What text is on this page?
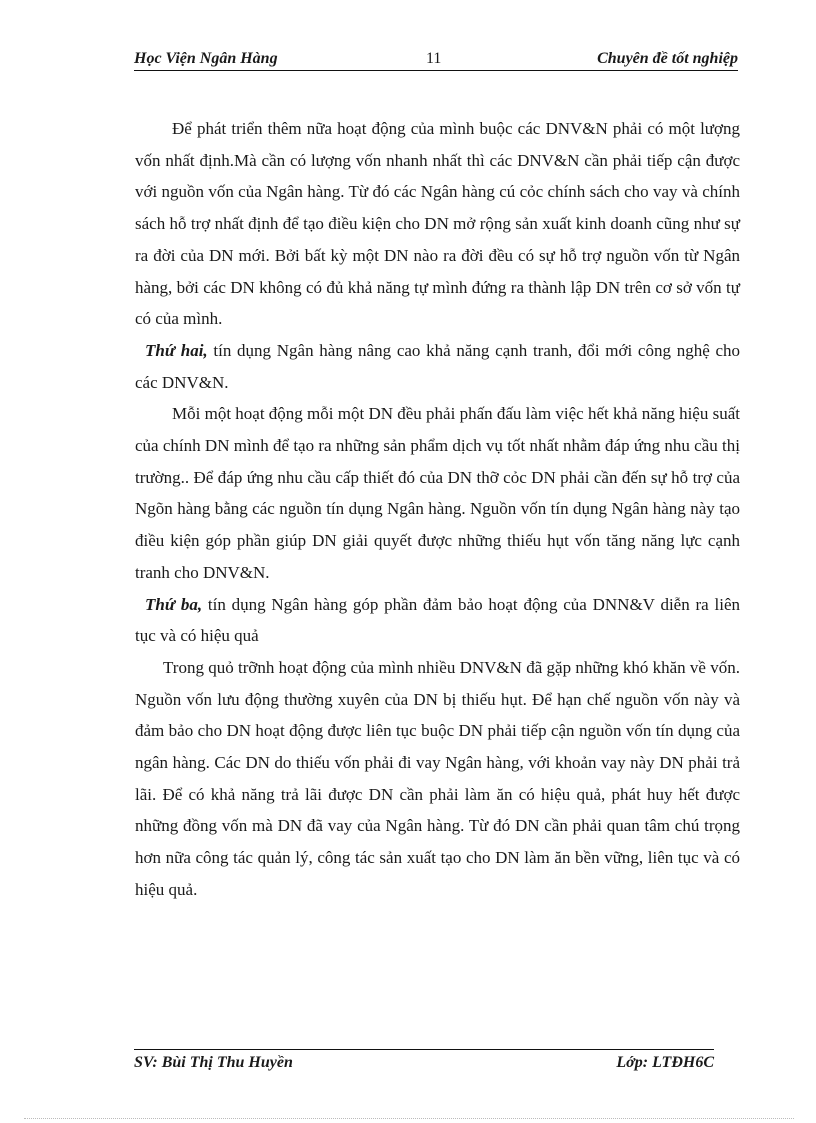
Học Viện Ngân Hàng	11	Chuyên đề tốt nghiệp

Để phát triển thêm nữa hoạt động của mình buộc các DNV&N phải có một lượng vốn nhất định.Mà cần có lượng vốn nhanh nhất thì các DNV&N cần phải tiếp cận được với nguồn vốn của Ngân hàng. Từ đó các Ngân hàng cú cỏc chính sách cho vay và chính sách hỗ trợ nhất định để tạo điều kiện cho DN mở rộng sản xuất kinh doanh cũng như sự ra đời của DN mới. Bởi bất kỳ một DN nào ra đời đều có sự hỗ trợ nguồn vốn từ Ngân hàng, bởi các DN không có đủ khả năng tự mình đứng ra thành lập DN trên cơ sở vốn tự có của mình.

Thứ hai, tín dụng Ngân hàng nâng cao khả năng cạnh tranh, đổi mới công nghệ cho các DNV&N.

Mỗi một hoạt động mỗi một DN đều phải phấn đấu làm việc hết khả năng hiệu suất của chính DN mình để tạo ra những sản phẩm dịch vụ tốt nhất nhằm đáp ứng nhu cầu thị trường.. Để đáp ứng nhu cầu cấp thiết đó của DN thỡ cỏc DN phải cần đến sự hỗ trợ của Ngõn hàng bằng các nguồn tín dụng Ngân hàng. Nguồn vốn tín dụng Ngân hàng này tạo điều kiện góp phần giúp DN giải quyết được những thiếu hụt vốn tăng năng lực cạnh tranh cho DNV&N.

Thứ ba, tín dụng Ngân hàng góp phần đảm bảo hoạt động của DNN&V diễn ra liên tục và có hiệu quả

Trong quỏ trỡnh hoạt động của mình nhiều DNV&N đã gặp những khó khăn về vốn. Nguồn vốn lưu động thường xuyên của DN bị thiếu hụt. Để hạn chế nguồn vốn này và đảm bảo cho DN hoạt động được liên tục buộc DN phải tiếp cận nguồn vốn tín dụng của ngân hàng. Các DN do thiếu vốn phải đi vay Ngân hàng, với khoản vay này DN phải trả lãi. Để có khả năng trả lãi được DN cần phải làm ăn có hiệu quả, phát huy hết được những đồng vốn mà DN đã vay của Ngân hàng. Từ đó DN cần phải quan tâm chú trọng hơn nữa công tác quản lý, công tác sản xuất tạo cho DN làm ăn bền vững, liên tục và có hiệu quả.

SV: Bùi Thị Thu Huyền	Lớp: LTĐH6C
